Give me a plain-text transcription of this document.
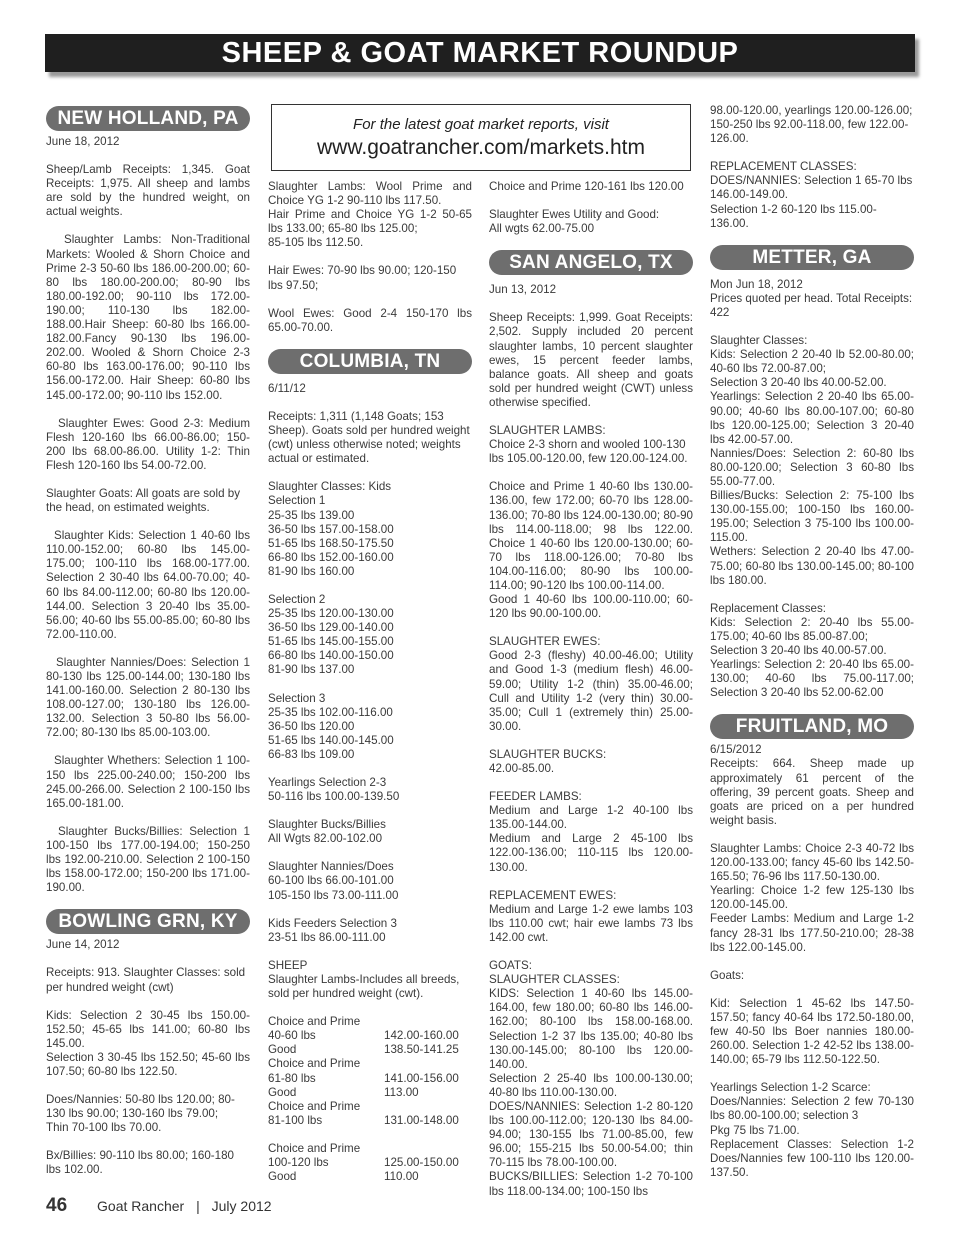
SHEEP & GOAT MARKET ROUNDUP
For the latest goat market reports, visit
www.goatrancher.com/markets.htm
NEW HOLLAND, PA

June 18, 2012

Sheep/Lamb Receipts: 1,345. Goat Receipts: 1,975. All sheep and lambs are sold by the hundred weight, on actual weights.

Slaughter Lambs: Non-Traditional Markets: Wooled & Shorn Choice and Prime 2-3 50-60 lbs 186.00-200.00; 60-80 lbs 180.00-200.00; 80-90 lbs 180.00-192.00; 90-110 lbs 172.00-190.00; 110-130 lbs 182.00-188.00.Hair Sheep: 60-80 lbs 166.00-182.00.Fancy 90-130 lbs 196.00-202.00. Wooled & Shorn Choice 2-3 60-80 lbs 163.00-176.00; 90-110 lbs 156.00-172.00. Hair Sheep: 60-80 lbs 145.00-172.00; 90-110 lbs 152.00.

Slaughter Ewes: Good 2-3: Medium Flesh 120-160 lbs 66.00-86.00; 150-200 lbs 68.00-86.00. Utility 1-2: Thin Flesh 120-160 lbs 54.00-72.00.

Slaughter Goats: All goats are sold by the head, on estimated weights.

Slaughter Kids: Selection 1 40-60 lbs 110.00-152.00; 60-80 lbs 145.00-175.00; 100-110 lbs 168.00-177.00. Selection 2 30-40 lbs 64.00-70.00; 40-60 lbs 84.00-112.00; 60-80 lbs 120.00-144.00. Selection 3 20-40 lbs 35.00-56.00; 40-60 lbs 55.00-85.00; 60-80 lbs 72.00-110.00.

Slaughter Nannies/Does: Selection 1 80-130 lbs 125.00-144.00; 130-180 lbs 141.00-160.00. Selection 2 80-130 lbs 108.00-127.00; 130-180 lbs 126.00-132.00. Selection 3 50-80 lbs 56.00-72.00; 80-130 lbs 85.00-103.00.

Slaughter Whethers: Selection 1 100-150 lbs 225.00-240.00; 150-200 lbs 245.00-266.00. Selection 2 100-150 lbs 165.00-181.00.

Slaughter Bucks/Billies: Selection 1 100-150 lbs 177.00-194.00; 150-250 lbs 192.00-210.00. Selection 2 100-150 lbs 158.00-172.00; 150-200 lbs 171.00-190.00.

BOWLING GRN, KY

June 14, 2012

Receipts: 913. Slaughter Classes: sold per hundred weight (cwt)

Kids: Selection 2 30-45 lbs 150.00-152.50; 45-65 lbs 141.00; 60-80 lbs 145.00.
Selection 3 30-45 lbs 152.50; 45-60 lbs 107.50; 60-80 lbs 122.50.

Does/Nannies: 50-80 lbs 120.00; 80-130 lbs 90.00; 130-160 lbs 79.00;
Thin 70-100 lbs 70.00.

Bx/Billies: 90-110 lbs 80.00; 160-180 lbs 102.00.

Slaughter Lambs: Wool Prime and Choice YG 1-2 90-110 lbs 117.50.
Hair Prime and Choice YG 1-2 50-65 lbs 133.00; 65-80 lbs 125.00;
85-105 lbs 112.50.

Hair Ewes: 70-90 lbs 90.00; 120-150 lbs 97.50;

Wool Ewes: Good 2-4 150-170 lbs 65.00-70.00.

COLUMBIA, TN

6/11/12

Receipts: 1,311 (1,148 Goats; 153 Sheep). Goats sold per hundred weight (cwt) unless otherwise noted; weights actual or estimated.

Slaughter Classes: Kids
Selection 1
25-35 lbs 139.00
36-50 lbs 157.00-158.00
51-65 lbs 168.50-175.50
66-80 lbs 152.00-160.00
81-90 lbs 160.00

Selection 2
25-35 lbs 120.00-130.00
36-50 lbs 129.00-140.00
51-65 lbs 145.00-155.00
66-80 lbs 140.00-150.00
81-90 lbs 137.00

Selection 3
25-35 lbs 102.00-116.00
36-50 lbs 120.00
51-65 lbs 140.00-145.00
66-83 lbs 109.00

Yearlings Selection 2-3
50-116 lbs 100.00-139.50

Slaughter Bucks/Billies
All Wgts 82.00-102.00

Slaughter Nannies/Does
60-100 lbs 66.00-101.00
105-150 lbs 73.00-111.00

Kids Feeders Selection 3
23-51 lbs 86.00-111.00

SHEEP
Slaughter Lambs-Includes all breeds, sold per hundred weight (cwt).

Choice and Prime	
40-60 lbs	142.00-160.00
Good	138.50-141.25
Choice and Prime	
61-80 lbs	141.00-156.00
Good	113.00
Choice and Prime	
81-100 lbs	131.00-148.00
Choice and Prime	
100-120 lbs	125.00-150.00
Good	110.00

Choice and Prime 120-161 lbs 120.00

Slaughter Ewes Utility and Good:
All wgts 62.00-75.00

SAN ANGELO, TX

Jun 13, 2012

Sheep Receipts: 1,999. Goat Receipts: 2,502. Supply included 20 percent slaughter lambs, 10 percent slaughter ewes, 15 percent feeder lambs, balance goats. All sheep and goats sold per hundred weight (CWT) unless otherwise specified.

SLAUGHTER LAMBS:
Choice 2-3 shorn and wooled 100-130 lbs 105.00-120.00, few 120.00-124.00.

Choice and Prime 1 40-60 lbs 130.00-136.00, few 172.00; 60-70 lbs 128.00-136.00; 70-80 lbs 124.00-130.00; 80-90 lbs 114.00-118.00; 98 lbs 122.00. Choice 1 40-60 lbs 120.00-130.00; 60-70 lbs 118.00-126.00; 70-80 lbs 104.00-116.00; 80-90 lbs 100.00-114.00; 90-120 lbs 100.00-114.00.
Good 1 40-60 lbs 100.00-110.00; 60-120 lbs 90.00-100.00.

SLAUGHTER EWES:
Good 2-3 (fleshy) 40.00-46.00; Utility and Good 1-3 (medium flesh) 46.00-59.00; Utility 1-2 (thin) 35.00-46.00; Cull and Utility 1-2 (very thin) 30.00-35.00; Cull 1 (extremely thin) 25.00-30.00.

SLAUGHTER BUCKS:
42.00-85.00.

FEEDER LAMBS:
Medium and Large 1-2 40-100 lbs 135.00-144.00.
Medium and Large 2 45-100 lbs 122.00-136.00; 110-115 lbs 120.00-130.00.

REPLACEMENT EWES:
Medium and Large 1-2 ewe lambs 103 lbs 110.00 cwt; hair ewe lambs 73 lbs 142.00 cwt.

GOATS:
SLAUGHTER CLASSES:
KIDS: Selection 1 40-60 lbs 145.00-164.00, few 180.00; 60-80 lbs 146.00-162.00; 80-100 lbs 158.00-168.00. Selection 1-2 37 lbs 135.00; 40-80 lbs 130.00-145.00; 80-100 lbs 120.00-140.00.
Selection 2 25-40 lbs 100.00-130.00; 40-80 lbs 110.00-130.00.
DOES/NANNIES: Selection 1-2 80-120 lbs 100.00-112.00; 120-130 lbs 84.00-94.00; 130-155 lbs 71.00-85.00, few 96.00; 155-215 lbs 50.00-54.00; thin 70-115 lbs 78.00-100.00.
BUCKS/BILLIES: Selection 1-2 70-100 lbs 118.00-134.00; 100-150 lbs

98.00-120.00, yearlings 120.00-126.00; 150-250 lbs 92.00-118.00, few 122.00-126.00.

REPLACEMENT CLASSES:
DOES/NANNIES: Selection 1 65-70 lbs 146.00-149.00.
Selection 1-2 60-120 lbs 115.00-136.00.

METTER, GA

Mon Jun 18, 2012
Prices quoted per head. Total Receipts: 422

Slaughter Classes:
Kids: Selection 2 20-40 lb 52.00-80.00; 40-60 lbs 72.00-87.00;
Selection 3 20-40 lbs 40.00-52.00.
Yearlings: Selection 2 20-40 lbs 65.00-90.00; 40-60 lbs 80.00-107.00; 60-80 lbs 120.00-125.00; Selection 3 20-40 lbs 42.00-57.00.
Nannies/Does: Selection 2: 60-80 lbs 80.00-120.00; Selection 3 60-80 lbs 55.00-77.00.
Billies/Bucks: Selection 2: 75-100 lbs 130.00-155.00; 100-150 lbs 160.00-195.00; Selection 3 75-100 lbs 100.00-115.00.
Wethers: Selection 2 20-40 lbs 47.00-75.00; 60-80 lbs 130.00-145.00; 80-100 lbs 180.00.

Replacement Classes:
Kids: Selection 2: 20-40 lbs 55.00-175.00; 40-60 lbs 85.00-87.00;
Selection 3 20-40 lbs 40.00-57.00.
Yearlings: Selection 2: 20-40 lbs 65.00-130.00; 40-60 lbs 75.00-117.00; Selection 3 20-40 lbs 52.00-62.00

FRUITLAND, MO

6/15/2012
Receipts: 664. Sheep made up approximately 61 percent of the offering, 39 percent goats. Sheep and goats are priced on a per hundred weight basis.

Slaughter Lambs: Choice 2-3 40-72 lbs 120.00-133.00; fancy 45-60 lbs 142.50-165.50; 76-96 lbs 117.50-130.00.
Yearling: Choice 1-2 few 125-130 lbs 120.00-145.00.
Feeder Lambs: Medium and Large 1-2 fancy 28-31 lbs 177.50-210.00; 28-38 lbs 122.00-145.00.

Goats:

Kid: Selection 1 45-62 lbs 147.50-157.50; fancy 40-64 lbs 172.50-180.00, few 40-50 lbs Boer nannies 180.00-260.00. Selection 1-2 42-52 lbs 138.00-140.00; 65-79 lbs 112.50-122.50.

Yearlings Selection 1-2 Scarce:
Does/Nannies: Selection 2 few 70-130 lbs 80.00-100.00; selection 3
Pkg 75 lbs 71.00.
Replacement Classes: Selection 1-2 Does/Nannies few 100-110 lbs 120.00-137.50.

46 Goat Rancher | July 2012
